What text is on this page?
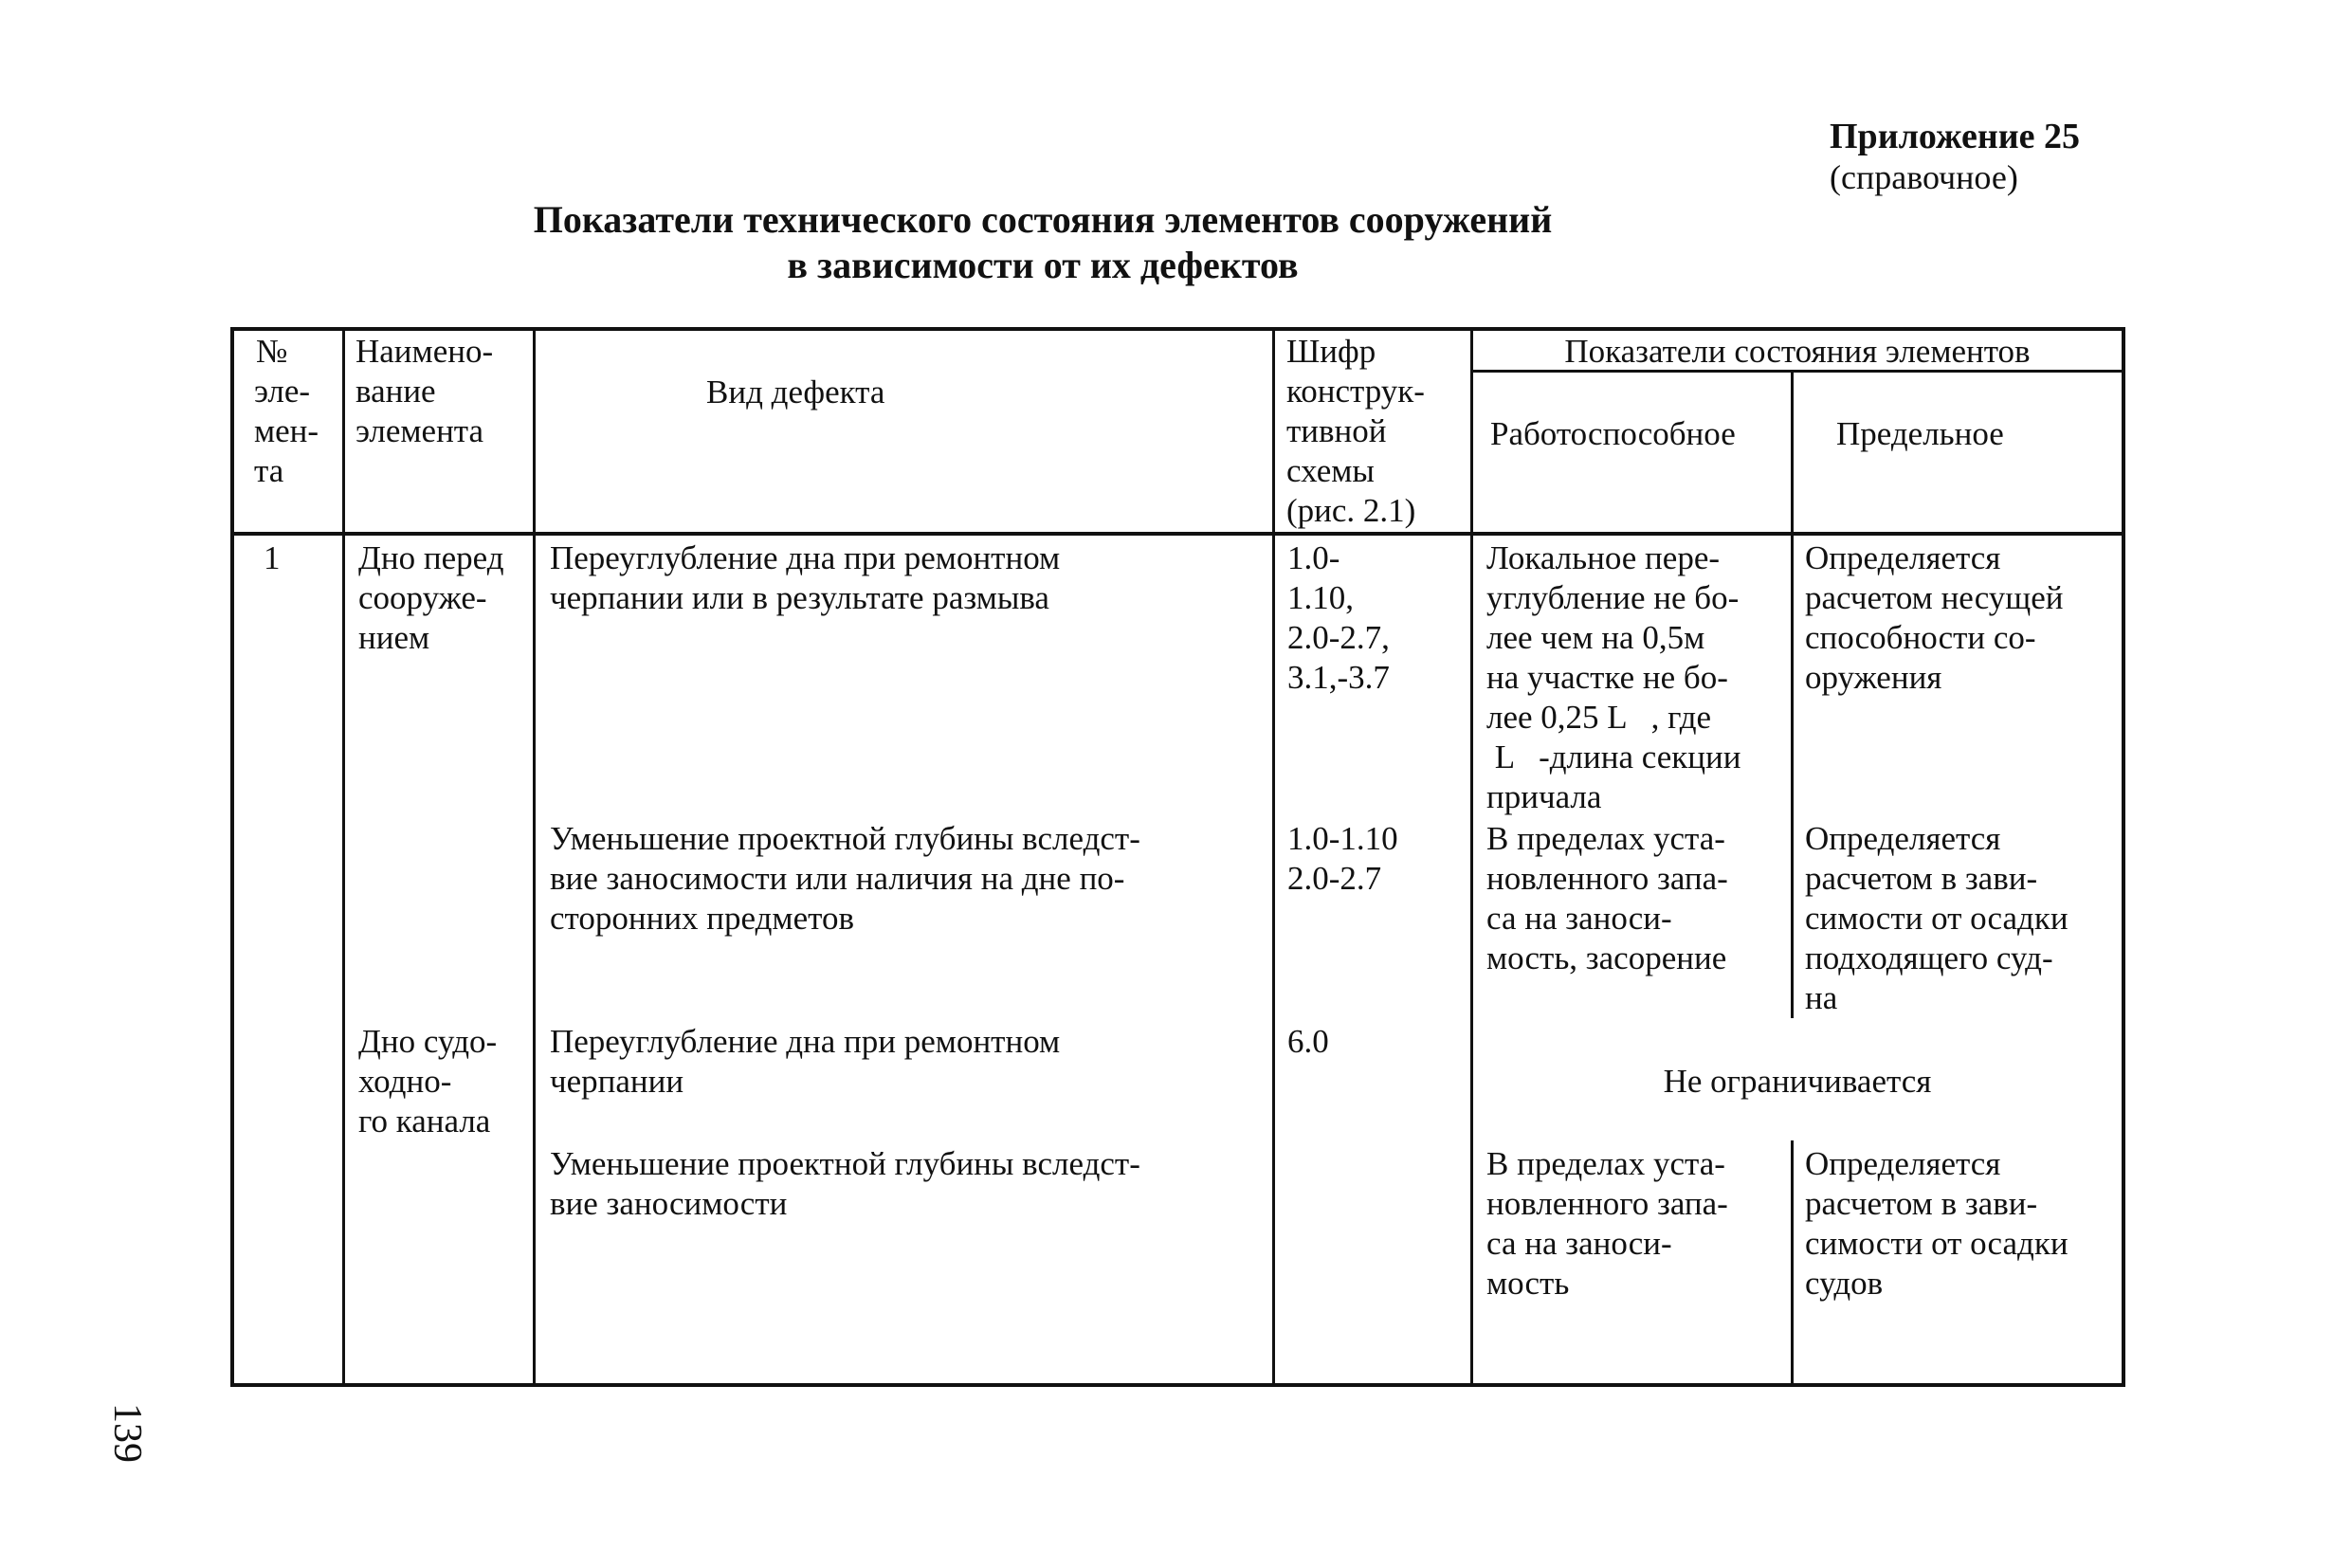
Приложение 25
(справочное)
Показатели технического состояния элементов сооружений
в зависимости от их дефектов
№
эле-
мен-
та
Наимено-
вание
элемента
Вид дефекта
Шифр
конструк-
тивной
схемы
(рис. 2.1)
Показатели состояния элементов
Работоспособное	Предельное
1 Дно перед
сооруже-
нием
Дно судо-
ходно-
го канала
Переуглубление дна при ремонтном
черпании или в результате размыва
1.0-
1.10,
2.0-2.7,
3.1,-3.7
Локальное пере-
углубление не бо-
лее чем на 0,5м
на участке не бо-
лее 0,25 L   , где
L   -длина секции
причала
Определяется
расчетом несущей
способности со-
оружения
Уменьшение проектной глубины вследст-
вие заносимости или наличия на дне по-
сторонних предметов
1.0-1.10
2.0-2.7
В пределах уста-
новленного запа-
са на заноси-
мость, засорение
Определяется
расчетом в зави-
симости от осадки
подходящего суд-
на
Переуглубление дна при ремонтном
черпании
6.0
Не ограничивается
Уменьшение проектной глубины вследст-
вие заносимости
В пределах уста-
новленного запа-
са на заноси-
мость
Определяется
расчетом в зави-
симости от осадки
судов
139
